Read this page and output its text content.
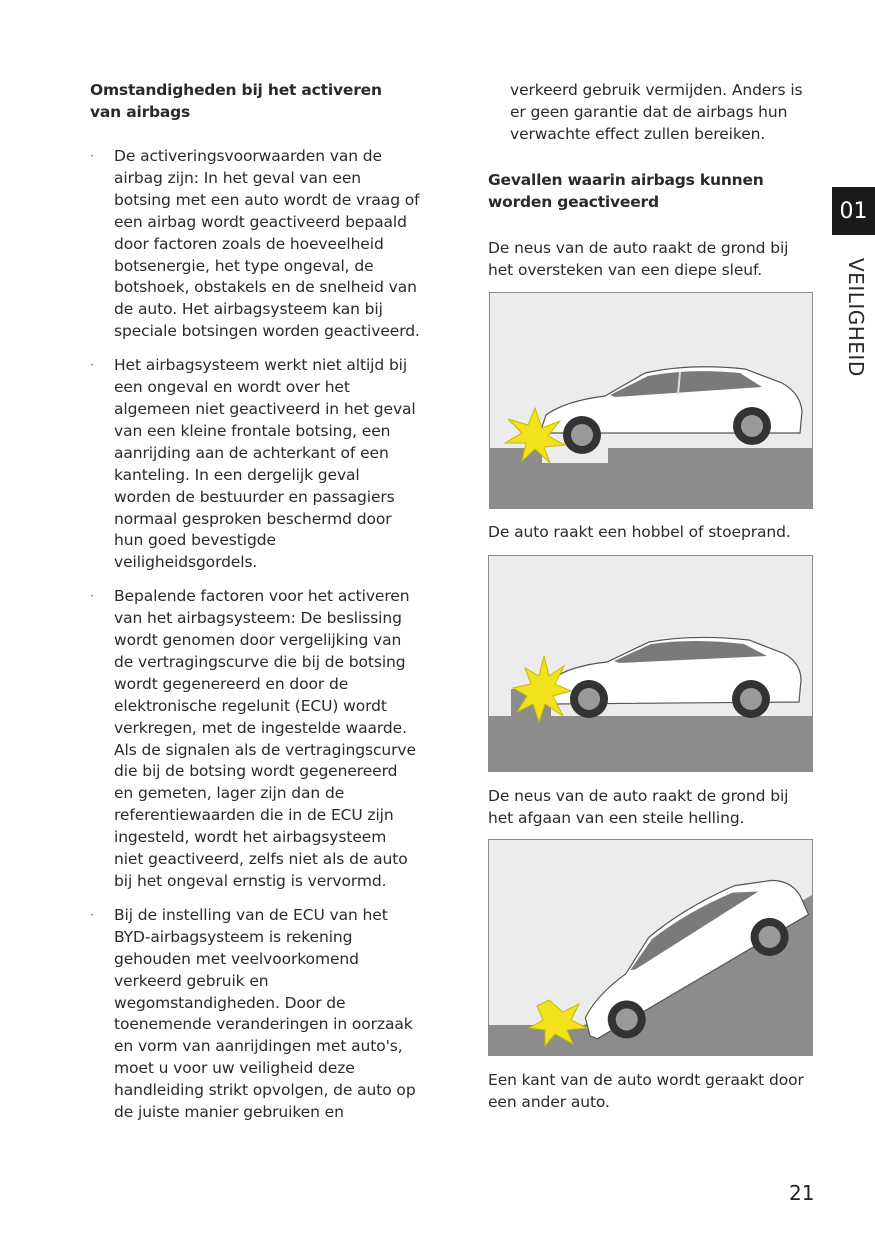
Omstandigheden bij het activeren van airbags
· De activeringsvoorwaarden van de airbag zijn: In het geval van een botsing met een auto wordt de vraag of een airbag wordt geactiveerd bepaald door factoren zoals de hoeveelheid botsenergie, het type ongeval, de botshoek, obstakels en de snelheid van de auto. Het airbagsysteem kan bij speciale botsingen worden geactiveerd.
· Het airbagsysteem werkt niet altijd bij een ongeval en wordt over het algemeen niet geactiveerd in het geval van een kleine frontale botsing, een aanrijding aan de achterkant of een kanteling. In een dergelijk geval worden de bestuurder en passagiers normaal gesproken beschermd door hun goed bevestigde veiligheidsgordels.
· Bepalende factoren voor het activeren van het airbagsysteem: De beslissing wordt genomen door vergelijking van de vertragingscurve die bij de botsing wordt gegenereerd en door de elektronische regelunit (ECU) wordt verkregen, met de ingestelde waarde. Als de signalen als de vertragingscurve die bij de botsing wordt gegenereerd en gemeten, lager zijn dan de referentiewaarden die in de ECU zijn ingesteld, wordt het airbagsysteem niet geactiveerd, zelfs niet als de auto bij het ongeval ernstig is vervormd.
· Bij de instelling van de ECU van het BYD-airbagsysteem is rekening gehouden met veelvoorkomend verkeerd gebruik en wegomstandigheden. Door de toenemende veranderingen in oorzaak en vorm van aanrijdingen met auto's, moet u voor uw veiligheid deze handleiding strikt opvolgen, de auto op de juiste manier gebruiken en
verkeerd gebruik vermijden. Anders is er geen garantie dat de airbags hun verwachte effect zullen bereiken.
Gevallen waarin airbags kunnen worden geactiveerd
De neus van de auto raakt de grond bij het oversteken van een diepe sleuf.
De auto raakt een hobbel of stoeprand.
De neus van de auto raakt de grond bij het afgaan van een steile helling.
Een kant van de auto wordt geraakt door een ander auto.
01
VEILIGHEID
21
